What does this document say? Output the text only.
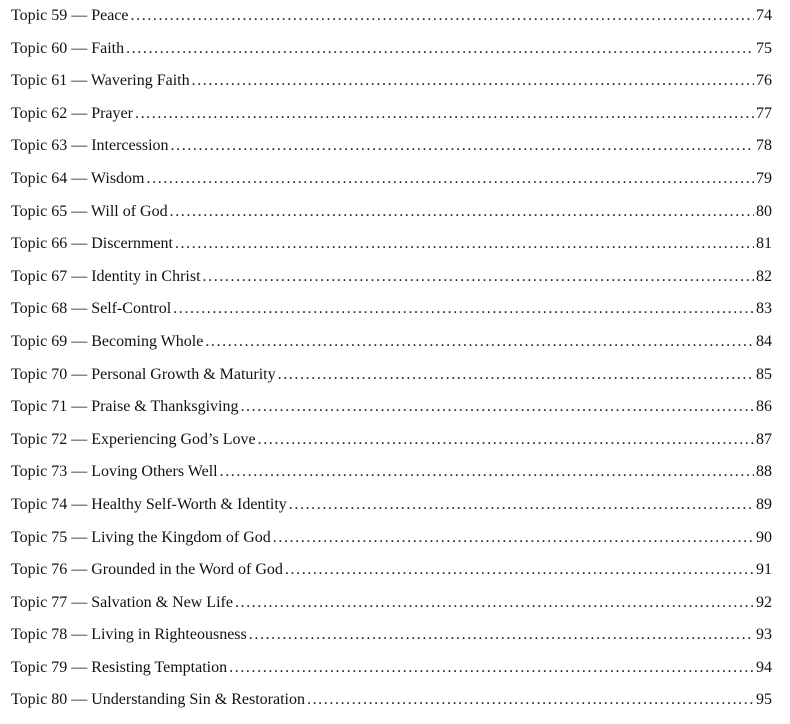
Topic 59 — Peace . . .	74
Topic 60 — Faith . . .	75
Topic 61 — Wavering Faith . . .	76
Topic 62 — Prayer . . .	77
Topic 63 — Intercession . . .	78
Topic 64 — Wisdom . . .	79
Topic 65 — Will of God . . .	80
Topic 66 — Discernment . . .	81
Topic 67 — Identity in Christ . . .	82
Topic 68 — Self-Control . . .	83
Topic 69 — Becoming Whole . . .	84
Topic 70 — Personal Growth & Maturity . . .	85
Topic 71 — Praise & Thanksgiving . . .	86
Topic 72 — Experiencing God’s Love . . .	87
Topic 73 — Loving Others Well . . .	88
Topic 74 — Healthy Self-Worth & Identity . . .	89
Topic 75 — Living the Kingdom of God . . .	90
Topic 76 — Grounded in the Word of God . . .	91
Topic 77 — Salvation & New Life . . .	92
Topic 78 — Living in Righteousness . . .	93
Topic 79 — Resisting Temptation . . .	94
Topic 80 — Understanding Sin & Restoration . . .	95
